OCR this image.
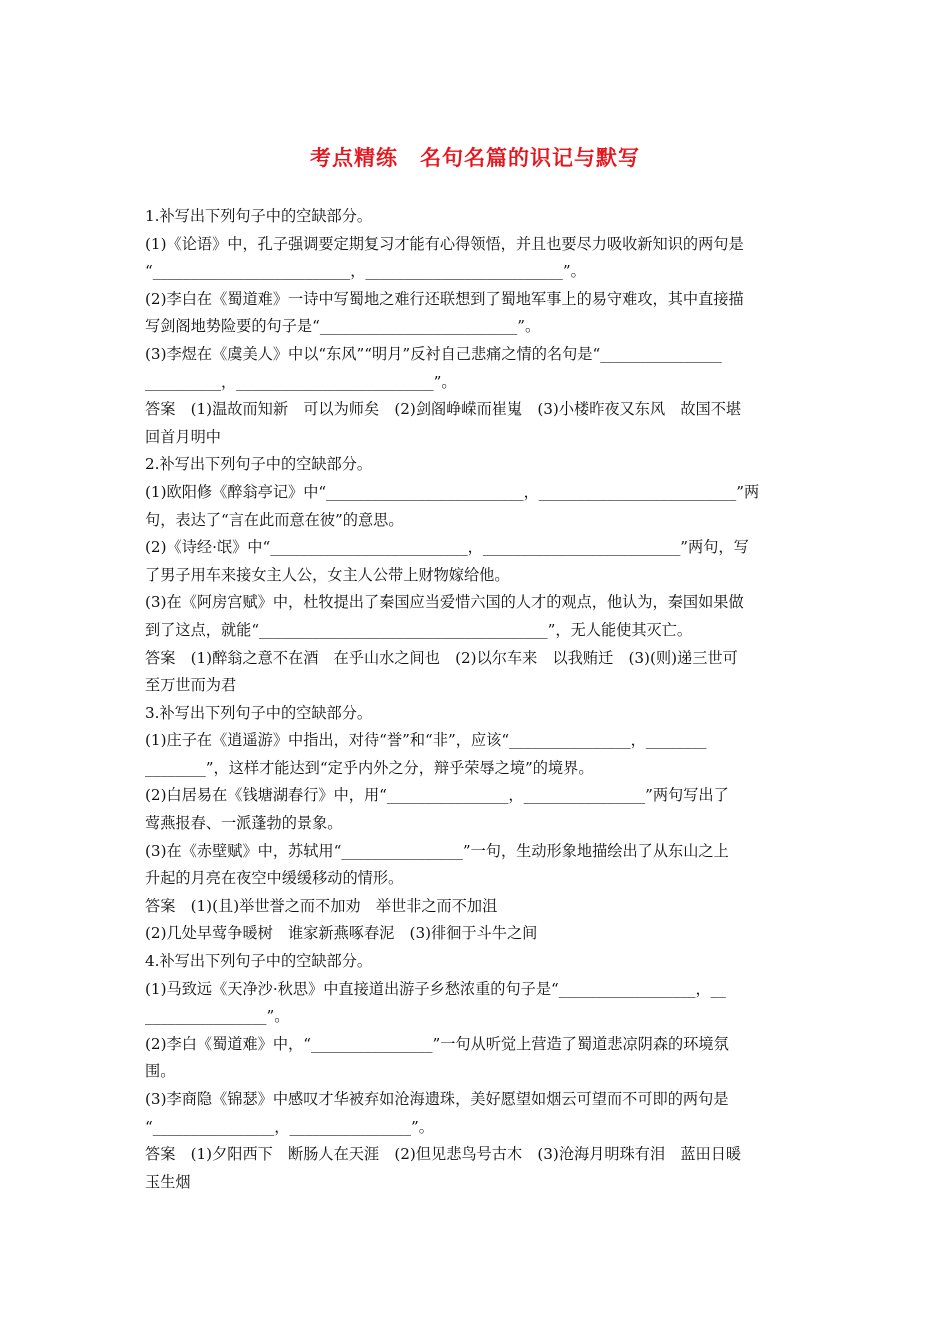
考点精练　名句名篇的识记与默写
1.补写出下列句子中的空缺部分。
(1)《论语》中，孔子强调要定期复习才能有心得领悟，并且也要尽力吸收新知识的两句是
“__________________________，__________________________”。
(2)李白在《蜀道难》一诗中写蜀地之难行还联想到了蜀地军事上的易守难攻，其中直接描
写剑阁地势险要的句子是“__________________________”。
(3)李煜在《虞美人》中以“东风”“明月”反衬自己悲痛之情的名句是“________________
__________，__________________________”。
答案　(1)温故而知新　可以为师矣　(2)剑阁峥嵘而崔嵬　(3)小楼昨夜又东风　故国不堪
回首月明中
2.补写出下列句子中的空缺部分。
(1)欧阳修《醉翁亭记》中“__________________________，__________________________”两
句，表达了“言在此而意在彼”的意思。
(2)《诗经·氓》中“__________________________，__________________________”两句，写
了男子用车来接女主人公，女主人公带上财物嫁给他。
(3)在《阿房宫赋》中，杜牧提出了秦国应当爱惜六国的人才的观点，他认为，秦国如果做
到了这点，就能“______________________________________”，无人能使其灭亡。
答案　(1)醉翁之意不在酒　在乎山水之间也　(2)以尔车来　以我贿迁　(3)(则)递三世可
至万世而为君
3.补写出下列句子中的空缺部分。
(1)庄子在《逍遥游》中指出，对待“誉”和“非”，应该“________________，________
________”，这样才能达到“定乎内外之分，辩乎荣辱之境”的境界。
(2)白居易在《钱塘湖春行》中，用“________________，________________”两句写出了
莺燕报春、一派蓬勃的景象。
(3)在《赤壁赋》中，苏轼用“________________”一句，生动形象地描绘出了从东山之上
升起的月亮在夜空中缓缓移动的情形。
答案　(1)(且)举世誉之而不加劝　举世非之而不加沮
(2)几处早莺争暖树　谁家新燕啄春泥　(3)徘徊于斗牛之间
4.补写出下列句子中的空缺部分。
(1)马致远《天净沙·秋思》中直接道出游子乡愁浓重的句子是“__________________，__
________________”。
(2)李白《蜀道难》中，“________________”一句从听觉上营造了蜀道悲凉阴森的环境氛
围。
(3)李商隐《锦瑟》中感叹才华被弃如沧海遗珠，美好愿望如烟云可望而不可即的两句是
“________________，________________”。
答案　(1)夕阳西下　断肠人在天涯　(2)但见悲鸟号古木　(3)沧海月明珠有泪　蓝田日暖
玉生烟
